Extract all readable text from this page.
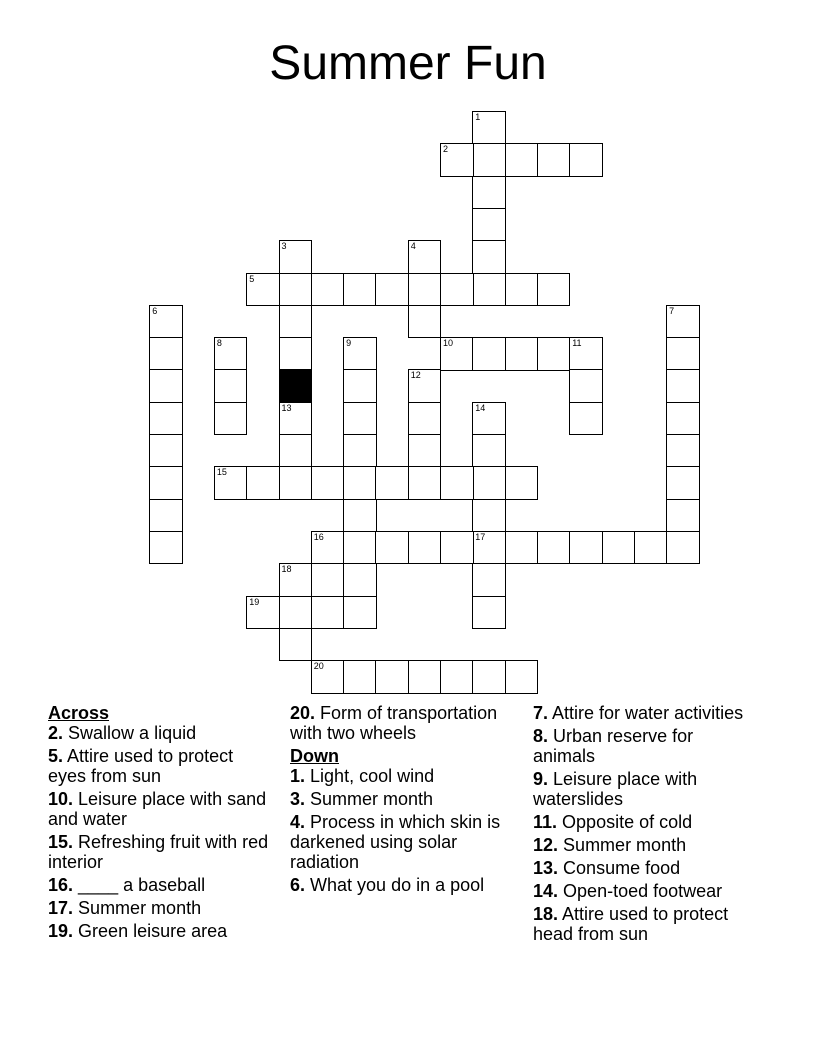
Summer Fun
1
2
3	4
5
6	7
8	9	10	11
12
13	14
17
15
16
18
19
20

Across

2. Swallow a liquid

5. Attire used to protect eyes from sun

10. Leisure place with sand and water

15. Refreshing fruit with red interior

16. ____ a baseball

17. Summer month

19. Green leisure area

20. Form of transportation with two wheels

Down

1. Light, cool wind

3. Summer month

4. Process in which skin is darkened using solar radiation

6. What you do in a pool

7. Attire for water activities

8. Urban reserve for animals

9. Leisure place with waterslides

11. Opposite of cold

12. Summer month

13. Consume food

14. Open-toed footwear

18. Attire used to protect head from sun
